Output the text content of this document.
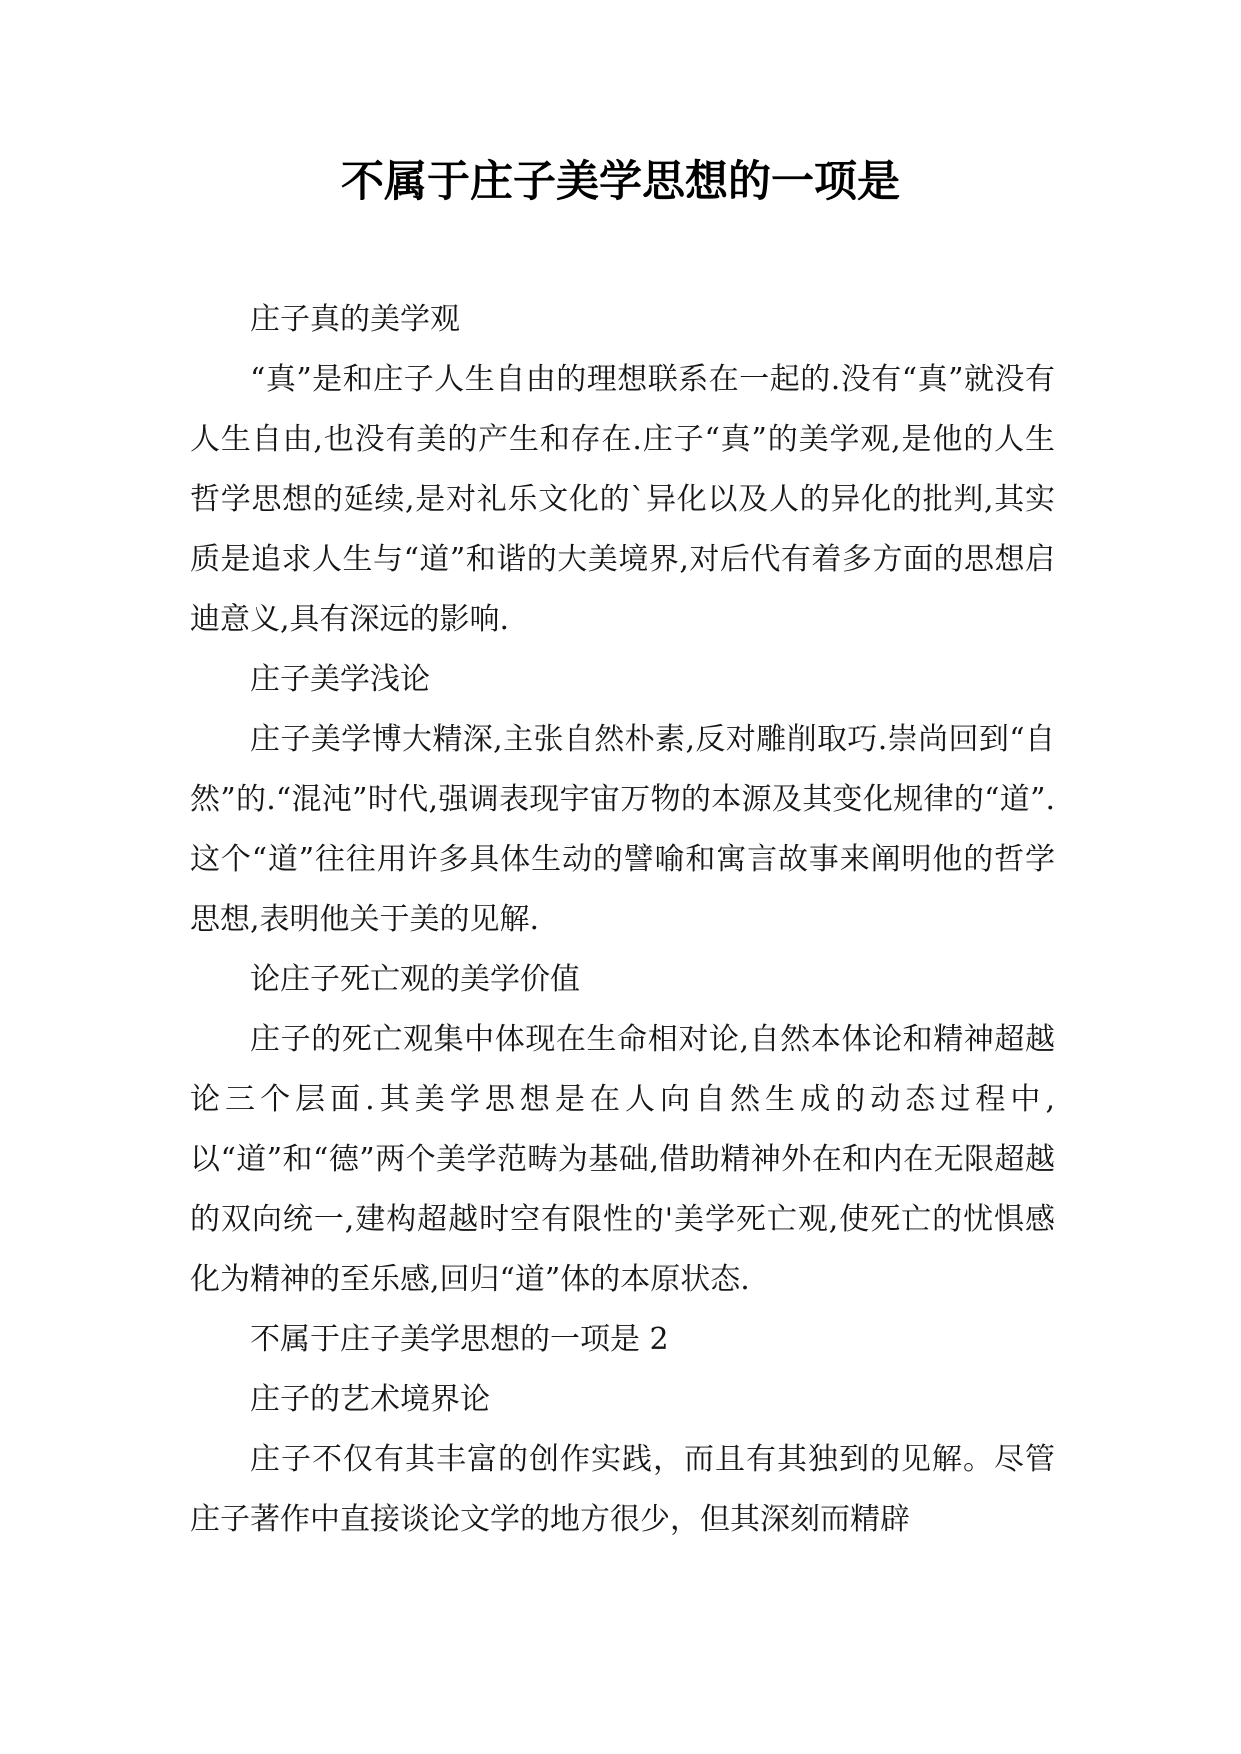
不属于庄子美学思想的一项是

庄子真的美学观

“真”是和庄子人生自由的理想联系在一起的.没有“真”就没有人生自由,也没有美的产生和存在.庄子“真”的美学观,是他的人生哲学思想的延续,是对礼乐文化的`异化以及人的异化的批判,其实质是追求人生与“道”和谐的大美境界,对后代有着多方面的思想启迪意义,具有深远的影响.

庄子美学浅论

庄子美学博大精深,主张自然朴素,反对雕削取巧.崇尚回到“自然”的.“混沌”时代,强调表现宇宙万物的本源及其变化规律的“道”.这个“道”往往用许多具体生动的譬喻和寓言故事来阐明他的哲学思想,表明他关于美的见解.

论庄子死亡观的美学价值

庄子的死亡观集中体现在生命相对论,自然本体论和精神超越论三个层面.其美学思想是在人向自然生成的动态过程中,以“道”和“德”两个美学范畴为基础,借助精神外在和内在无限超越的双向统一,建构超越时空有限性的'美学死亡观,使死亡的忧惧感化为精神的至乐感,回归“道”体的本原状态.

不属于庄子美学思想的一项是 2

庄子的艺术境界论

庄子不仅有其丰富的创作实践，而且有其独到的见解。尽管庄子著作中直接谈论文学的地方很少，但其深刻而精辟
